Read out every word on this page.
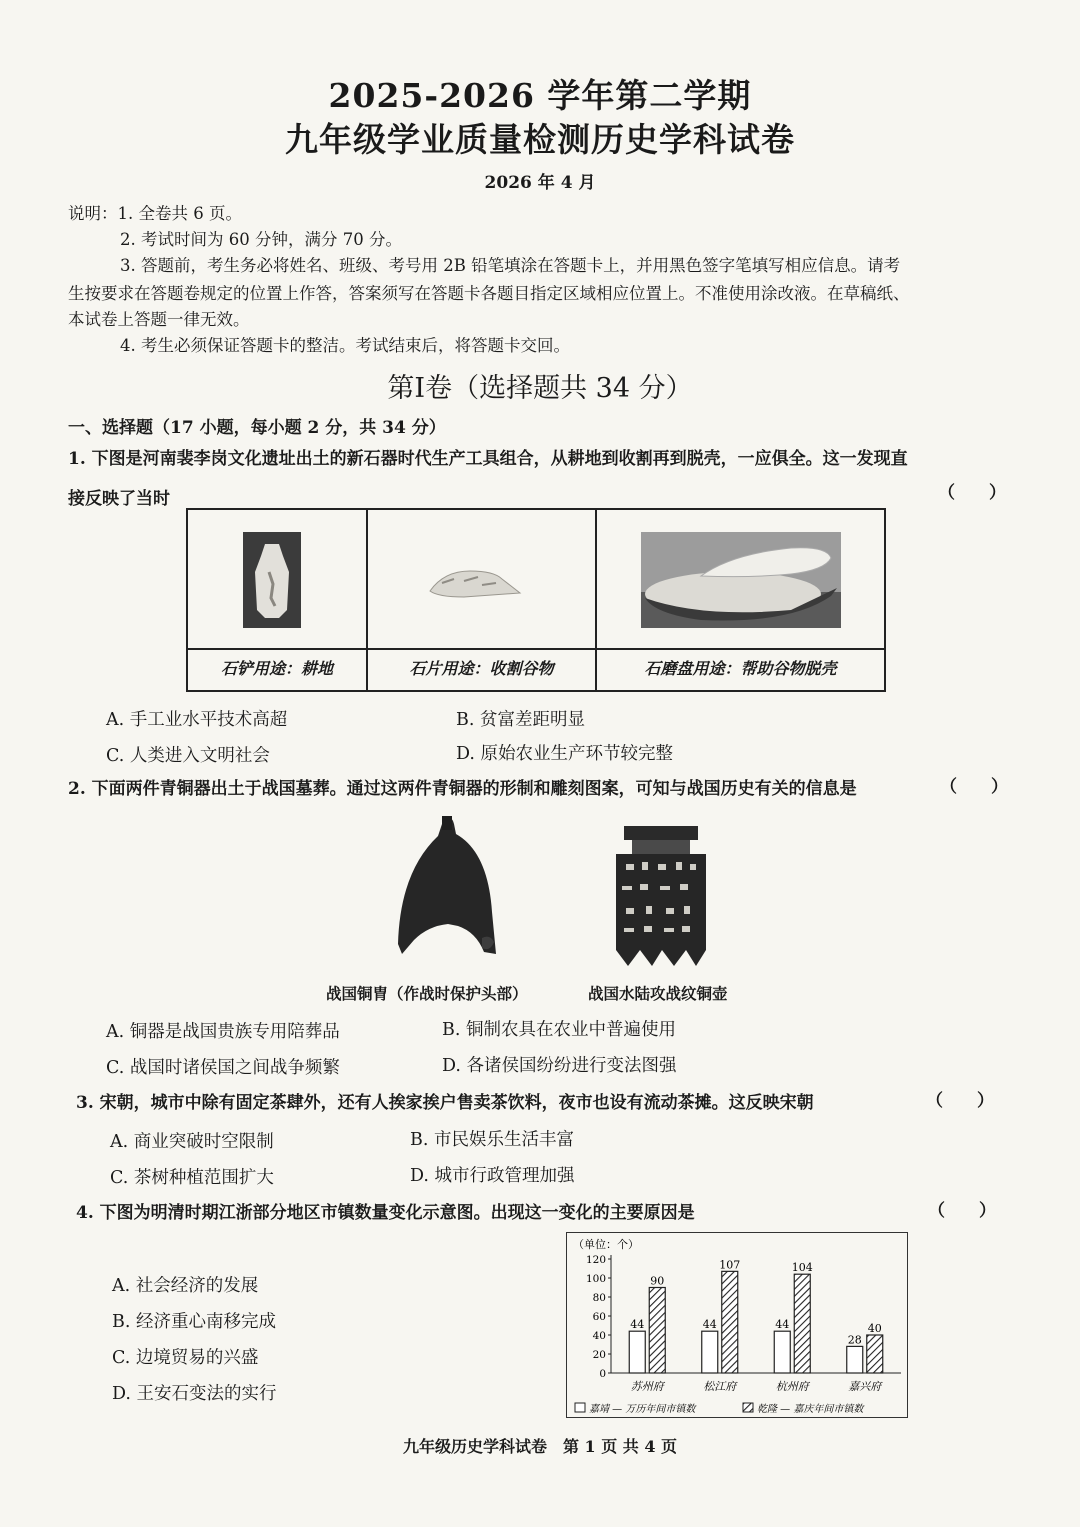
2025-2026 学年第二学期
九年级学业质量检测历史学科试卷
2026 年 4 月
说明：1. 全卷共 6 页。
2. 考试时间为 60 分钟，满分 70 分。
3. 答题前，考生务必将姓名、班级、考号用 2B 铅笔填涂在答题卡上，并用黑色签字笔填写相应信息。请考
生按要求在答题卷规定的位置上作答，答案须写在答题卡各题目指定区域相应位置上。不准使用涂改液。在草稿纸、
本试卷上答题一律无效。
4. 考生必须保证答题卡的整洁。考试结束后，将答题卡交回。
第Ⅰ卷（选择题共 34 分）
一、选择题（17 小题，每小题 2 分，共 34 分）
1. 下图是河南裴李岗文化遗址出土的新石器时代生产工具组合，从耕地到收割再到脱壳，一应俱全。这一发现直
接反映了当时	（　　）
石铲用途：耕地	石片用途：收割谷物	石磨盘用途：帮助谷物脱壳
A. 手工业水平技术高超	B. 贫富差距明显
C. 人类进入文明社会	D. 原始农业生产环节较完整
2. 下面两件青铜器出土于战国墓葬。通过这两件青铜器的形制和雕刻图案，可知与战国历史有关的信息是	（　　）
战国铜胄（作战时保护头部）	战国水陆攻战纹铜壶
A. 铜器是战国贵族专用陪葬品	B. 铜制农具在农业中普遍使用
C. 战国时诸侯国之间战争频繁	D. 各诸侯国纷纷进行变法图强
3. 宋朝，城市中除有固定茶肆外，还有人挨家挨户售卖茶饮料，夜市也设有流动茶摊。这反映宋朝	（　　）
A. 商业突破时空限制	B. 市民娱乐生活丰富
C. 茶树种植范围扩大	D. 城市行政管理加强
4. 下图为明清时期江浙部分地区市镇数量变化示意图。出现这一变化的主要原因是	（　　）
A. 社会经济的发展
B. 经济重心南移完成
C. 边境贸易的兴盛
D. 王安石变法的实行
（单位：个）
0
20
40
60
80
100
120
44
90
苏州府
44
107
松江府
44
104
杭州府
28
40
嘉兴府
嘉靖 — 万历年间市镇数	乾隆 — 嘉庆年间市镇数
九年级历史学科试卷　第 1 页 共 4 页
